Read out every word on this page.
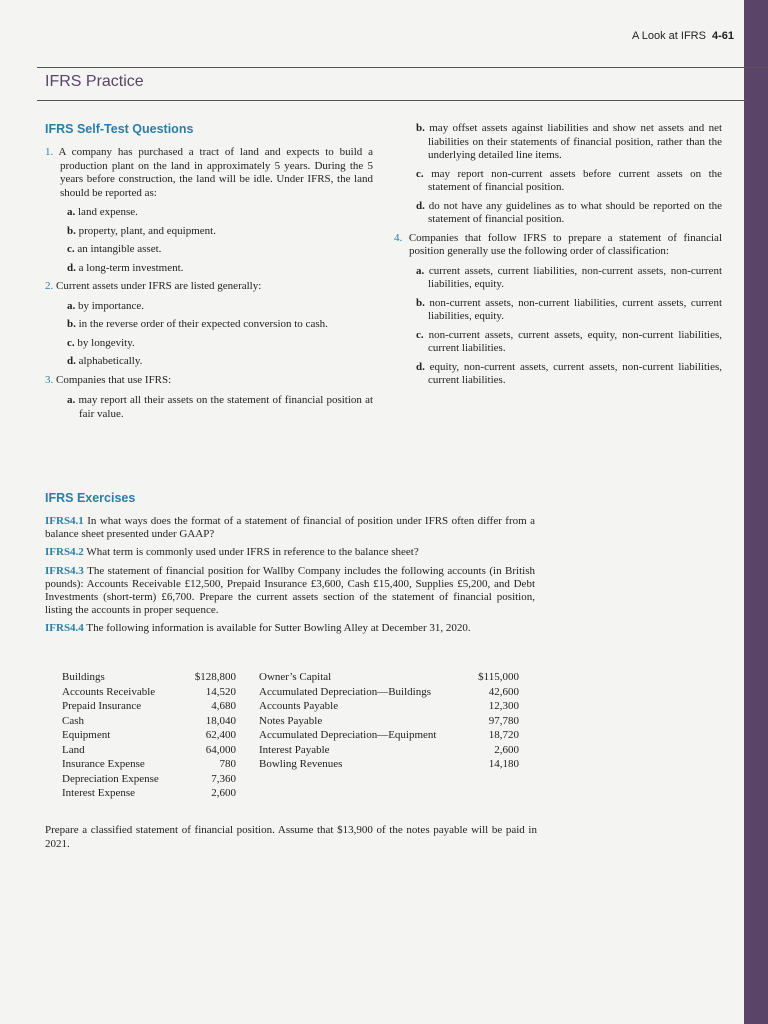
A Look at IFRS 4-61
IFRS Practice
IFRS Self-Test Questions
1. A company has purchased a tract of land and expects to build a production plant on the land in approximately 5 years. During the 5 years before construction, the land will be idle. Under IFRS, the land should be reported as:
a. land expense.
b. property, plant, and equipment.
c. an intangible asset.
d. a long-term investment.
2. Current assets under IFRS are listed generally:
a. by importance.
b. in the reverse order of their expected conversion to cash.
c. by longevity.
d. alphabetically.
3. Companies that use IFRS:
a. may report all their assets on the statement of financial position at fair value.
b. may offset assets against liabilities and show net assets and net liabilities on their statements of financial position, rather than the underlying detailed line items.
c. may report non-current assets before current assets on the statement of financial position.
d. do not have any guidelines as to what should be reported on the statement of financial position.
4. Companies that follow IFRS to prepare a statement of financial position generally use the following order of classification:
a. current assets, current liabilities, non-current assets, non-current liabilities, equity.
b. non-current assets, non-current liabilities, current assets, current liabilities, equity.
c. non-current assets, current assets, equity, non-current liabilities, current liabilities.
d. equity, non-current assets, current assets, non-current liabilities, current liabilities.
IFRS Exercises

IFRS4.1 In what ways does the format of a statement of financial of position under IFRS often differ from a balance sheet presented under GAAP?

IFRS4.2 What term is commonly used under IFRS in reference to the balance sheet?

IFRS4.3 The statement of financial position for Wallby Company includes the following accounts (in British pounds): Accounts Receivable £12,500, Prepaid Insurance £3,600, Cash £15,400, Supplies £5,200, and Debt Investments (short-term) £6,700. Prepare the current assets section of the statement of financial position, listing the accounts in proper sequence.

IFRS4.4 The following information is available for Sutter Bowling Alley at December 31, 2020.

Buildings	$128,800
Accounts Receivable	14,520
Prepaid Insurance	4,680
Cash	18,040
Equipment	62,400
Land	64,000
Insurance Expense	780
Depreciation Expense	7,360
Interest Expense	2,600
Owner’s Capital	$115,000
Accumulated Depreciation—Buildings	42,600
Accounts Payable	12,300
Notes Payable	97,780
Accumulated Depreciation—Equipment	18,720
Interest Payable	2,600
Bowling Revenues	14,180
Prepare a classified statement of financial position. Assume that $13,900 of the notes payable will be paid in 2021.
